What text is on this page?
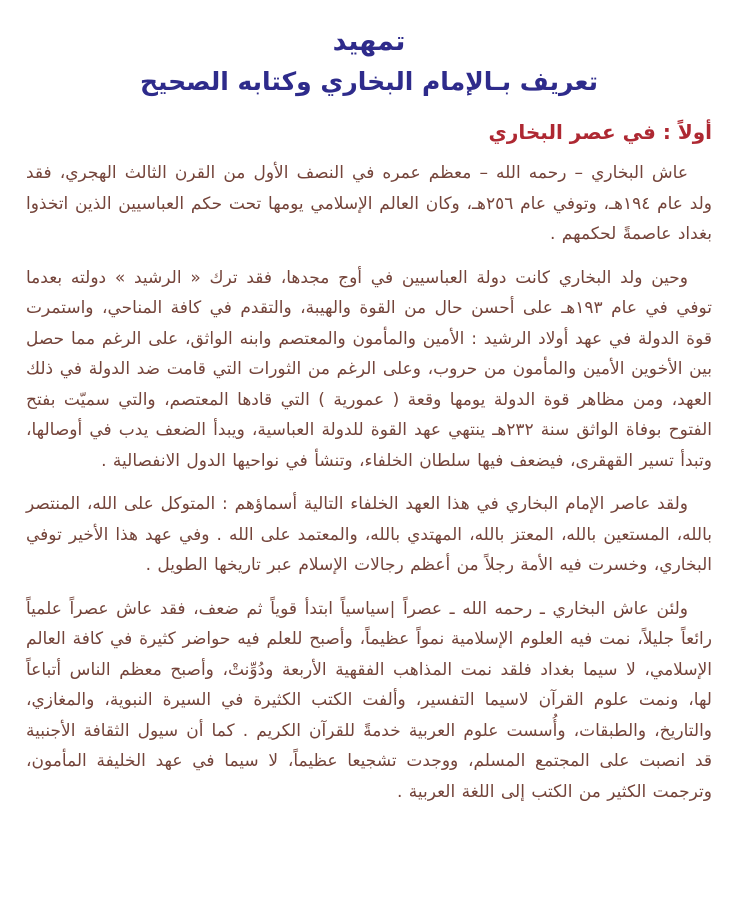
تمهيد
تعريف بـالإمام البخاري وكتابه الصحيح
أولاً : في عصر البخاري

عاش البخاري – رحمه الله – معظم عمره في النصف الأول من القرن الثالث الهجري، فقد ولد عام ١٩٤هـ، وتوفي عام ٢٥٦هـ، وكان العالم الإسلامي يومها تحت حكم العباسيين الذين اتخذوا بغداد عاصمةً لحكمهم .

وحين ولد البخاري كانت دولة العباسيين في أوج مجدها، فقد ترك « الرشيد » دولته بعدما توفي في عام ١٩٣هـ على أحسن حال من القوة والهيبة، والتقدم في كافة المناحي، واستمرت قوة الدولة في عهد أولاد الرشيد : الأمين والمأمون والمعتصم وابنه الواثق، على الرغم مما حصل بين الأخوين الأمين والمأمون من حروب، وعلى الرغم من الثورات التي قامت ضد الدولة في ذلك العهد، ومن مظاهر قوة الدولة يومها وقعة ( عمورية ) التي قادها المعتصم، والتي سميّت بفتح الفتوح بوفاة الواثق سنة ٢٣٢هـ ينتهي عهد القوة للدولة العباسية، ويبدأ الضعف يدب في أوصالها، وتبدأ تسير القهقرى، فيضعف فيها سلطان الخلفاء، وتنشأ في نواحيها الدول الانفصالية .

ولقد عاصر الإمام البخاري في هذا العهد الخلفاء التالية أسماؤهم : المتوكل على الله، المنتصر بالله، المستعين بالله، المعتز بالله، المهتدي بالله، والمعتمد على الله . وفي عهد هذا الأخير توفي البخاري، وخسرت فيه الأمة رجلاً من أعظم رجالات الإسلام عبر تاريخها الطويل .

ولئن عاش البخاري ـ رحمه الله ـ عصراً |سياسياً ابتدأ قوياً ثم ضعف، فقد عاش عصراً علمياً رائعاً جليلاً، نمت فيه العلوم الإسلامية نمواً عظيماً، وأصبح للعلم فيه حواضر كثيرة في كافة العالم الإسلامي، لا سيما بغداد فلقد نمت المذاهب الفقهية الأربعة ودُوِّنتْ، وأصبح معظم الناس أتباعاً لها، ونمت علوم القرآن لاسيما التفسير، وألفت الكتب الكثيرة في السيرة النبوية، والمغازي، والتاريخ، والطبقات، وأُسست علوم العربية خدمةً للقرآن الكريم . كما أن سيول الثقافة الأجنبية قد انصبت على المجتمع المسلم، ووجدت تشجيعا عظيماً، لا سيما في عهد الخليفة المأمون، وترجمت الكثير من الكتب إلى اللغة العربية .
